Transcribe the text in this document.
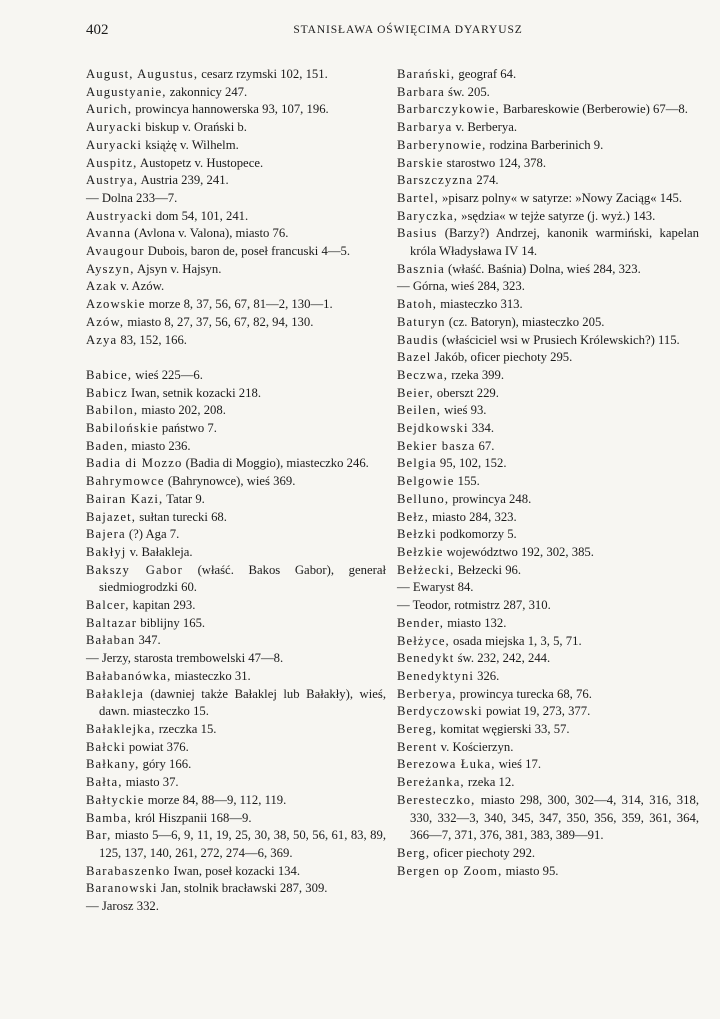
402	STANISŁAWA OŚWIĘCIMA DYARYUSZ
August, Augustus, cesarz rzymski 102, 151.
Augustyanie, zakonnicy 247.
Aurich, prowincya hannowerska 93, 107, 196.
Auryacki biskup v. Orański b.
Auryacki książę v. Wilhelm.
Auspitz, Austopetz v. Hustopece.
Austrya, Austria 239, 241.
— Dolna 233—7.
Austryacki dom 54, 101, 241.
Avanna (Avlona v. Valona), miasto 76.
Avaugour Dubois, baron de, poseł francuski 4—5.
Ayszyn, Ajsyn v. Hajsyn.
Azak v. Azów.
Azowskie morze 8, 37, 56, 67, 81—2, 130—1.
Azów, miasto 8, 27, 37, 56, 67, 82, 94, 130.
Azya 83, 152, 166.
Babice, wieś 225—6.
Babicz Iwan, setnik kozacki 218.
Babilon, miasto 202, 208.
Babilońskie państwo 7.
Baden, miasto 236.
Badia di Mozzo (Badia di Moggio), miasteczko 246.
Bahrymowce (Bahrynowce), wieś 369.
Bairan Kazi, Tatar 9.
Bajazet, sułtan turecki 68.
Bajera (?) Aga 7.
Bakłyj v. Bałakleja.
Bakszy Gabor (właść. Bakos Gabor), generał siedmiogrodzki 60.
Balcer, kapitan 293.
Baltazar biblijny 165.
Bałaban 347.
— Jerzy, starosta trembowelski 47—8.
Bałabanówka, miasteczko 31.
Bałakleja (dawniej także Bałaklej lub Bałakły), wieś, dawn. miasteczko 15.
Bałaklejka, rzeczka 15.
Bałcki powiat 376.
Bałkany, góry 166.
Bałta, miasto 37.
Bałtyckie morze 84, 88—9, 112, 119.
Bamba, król Hiszpanii 168—9.
Bar, miasto 5—6, 9, 11, 19, 25, 30, 38, 50, 56, 61, 83, 89, 125, 137, 140, 261, 272, 274—6, 369.
Barabaszenko Iwan, poseł kozacki 134.
Baranowski Jan, stolnik bracławski 287, 309.
— Jarosz 332.
Barański, geograf 64.
Barbara św. 205.
Barbarczykowie, Barbareskowie (Berberowie) 67—8.
Barbarya v. Berberya.
Barberynowie, rodzina Barberinich 9.
Barskie starostwo 124, 378.
Barszczyzna 274.
Bartel, »pisarz polny« w satyrze: »Nowy Zaciąg« 145.
Baryczka, »sędzia« w tejże satyrze (j. wyż.) 143.
Basius (Barzy?) Andrzej, kanonik warmiński, kapelan króla Władysława IV 14.
Basznia (właść. Baśnia) Dolna, wieś 284, 323.
— Górna, wieś 284, 323.
Batoh, miasteczko 313.
Baturyn (cz. Batoryn), miasteczko 205.
Baudis (właściciel wsi w Prusiech Królewskich?) 115.
Bazel Jakób, oficer piechoty 295.
Beczwa, rzeka 399.
Beier, oberszt 229.
Beilen, wieś 93.
Bejdkowski 334.
Bekier basza 67.
Belgia 95, 102, 152.
Belgowie 155.
Belluno, prowincya 248.
Bełz, miasto 284, 323.
Bełzki podkomorzy 5.
Bełzkie województwo 192, 302, 385.
Bełżecki, Bełzecki 96.
— Ewaryst 84.
— Teodor, rotmistrz 287, 310.
Bender, miasto 132.
Bełżyce, osada miejska 1, 3, 5, 71.
Benedykt św. 232, 242, 244.
Benedyktyni 326.
Berberya, prowincya turecka 68, 76.
Berdyczowski powiat 19, 273, 377.
Bereg, komitat węgierski 33, 57.
Berent v. Kościerzyn.
Berezowa Łuka, wieś 17.
Bereżanka, rzeka 12.
Beresteczko, miasto 298, 300, 302—4, 314, 316, 318, 330, 332—3, 340, 345, 347, 350, 356, 359, 361, 364, 366—7, 371, 376, 381, 383, 389—91.
Berg, oficer piechoty 292.
Bergen op Zoom, miasto 95.
